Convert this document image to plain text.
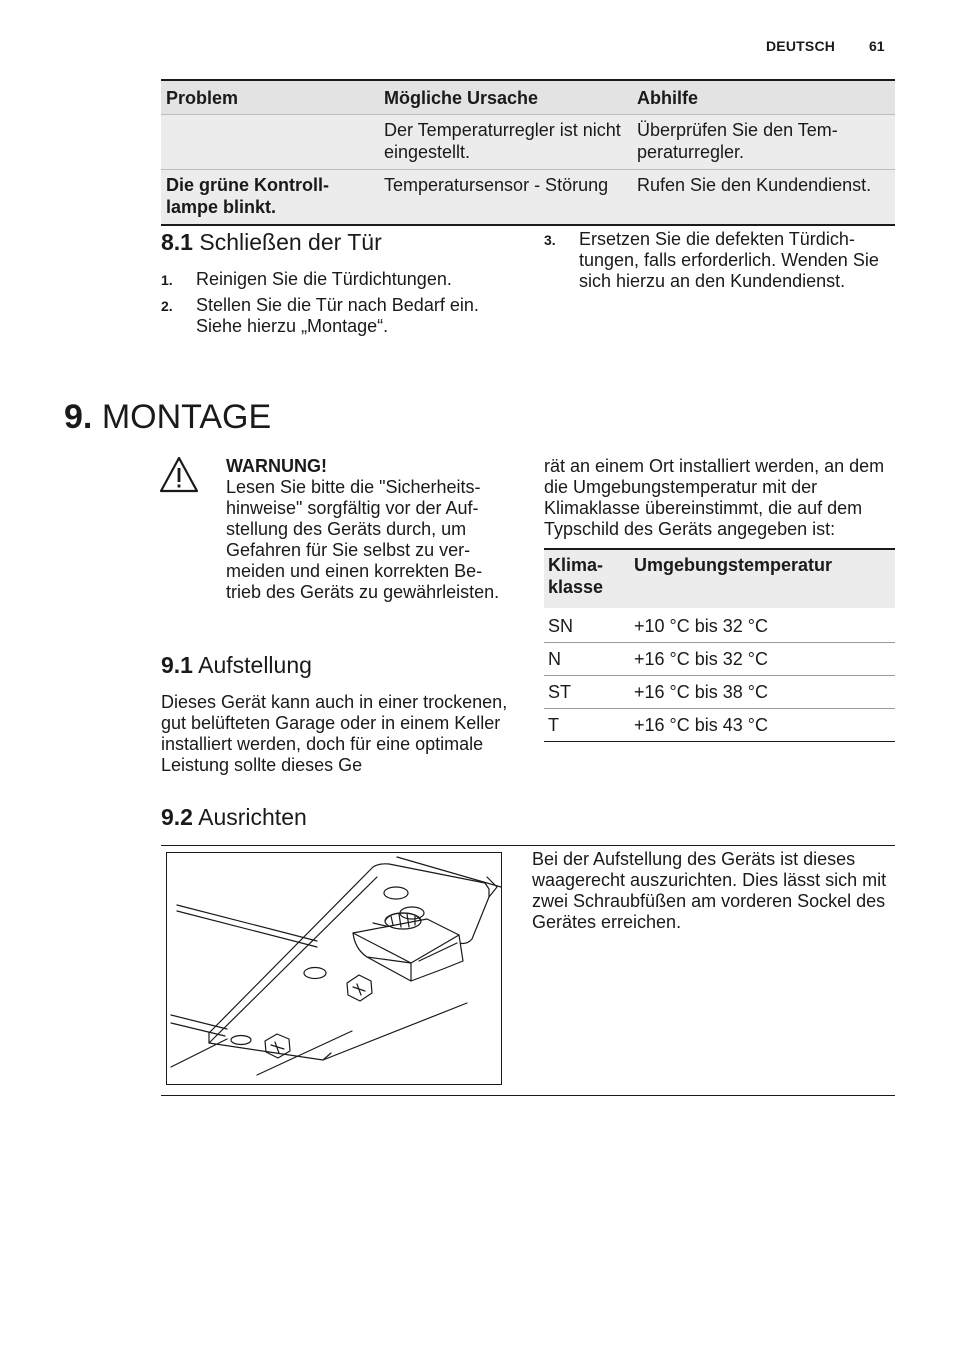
DEUTSCH 61
Problem	Mögliche Ursache	Abhilfe
	Der Temperaturregler ist nicht eingestellt.	Überprüfen Sie den Temperaturregler.
Die grüne Kontrolllampe blinkt.	Temperatursensor - Störung	Rufen Sie den Kundendienst.
8.1 Schließen der Tür
1. Reinigen Sie die Türdichtungen.
2. Stellen Sie die Tür nach Bedarf ein. Siehe hierzu „Montage“.
3. Ersetzen Sie die defekten Türdichtungen, falls erforderlich. Wenden Sie sich hierzu an den Kundendienst.
9. MONTAGE
WARNUNG!
Lesen Sie bitte die "Sicherheitshinweise" sorgfältig vor der Aufstellung des Geräts durch, um Gefahren für Sie selbst zu vermeiden und einen korrekten Betrieb des Geräts zu gewährleisten.
9.1 Aufstellung
Dieses Gerät kann auch in einer trockenen, gut belüfteten Garage oder in einem Keller installiert werden, doch für eine optimale Leistung sollte dieses Ge
rät an einem Ort installiert werden, an dem die Umgebungstemperatur mit der Klimaklasse übereinstimmt, die auf dem Typschild des Geräts angegeben ist:
Klimaklasse	Umgebungstemperatur
SN	+10 °C bis 32 °C
N	+16 °C bis 32 °C
ST	+16 °C bis 38 °C
T	+16 °C bis 43 °C
9.2 Ausrichten
Bei der Aufstellung des Geräts ist dieses waagerecht auszurichten. Dies lässt sich mit zwei Schraubfüßen am vorderen Sockel des Gerätes erreichen.
